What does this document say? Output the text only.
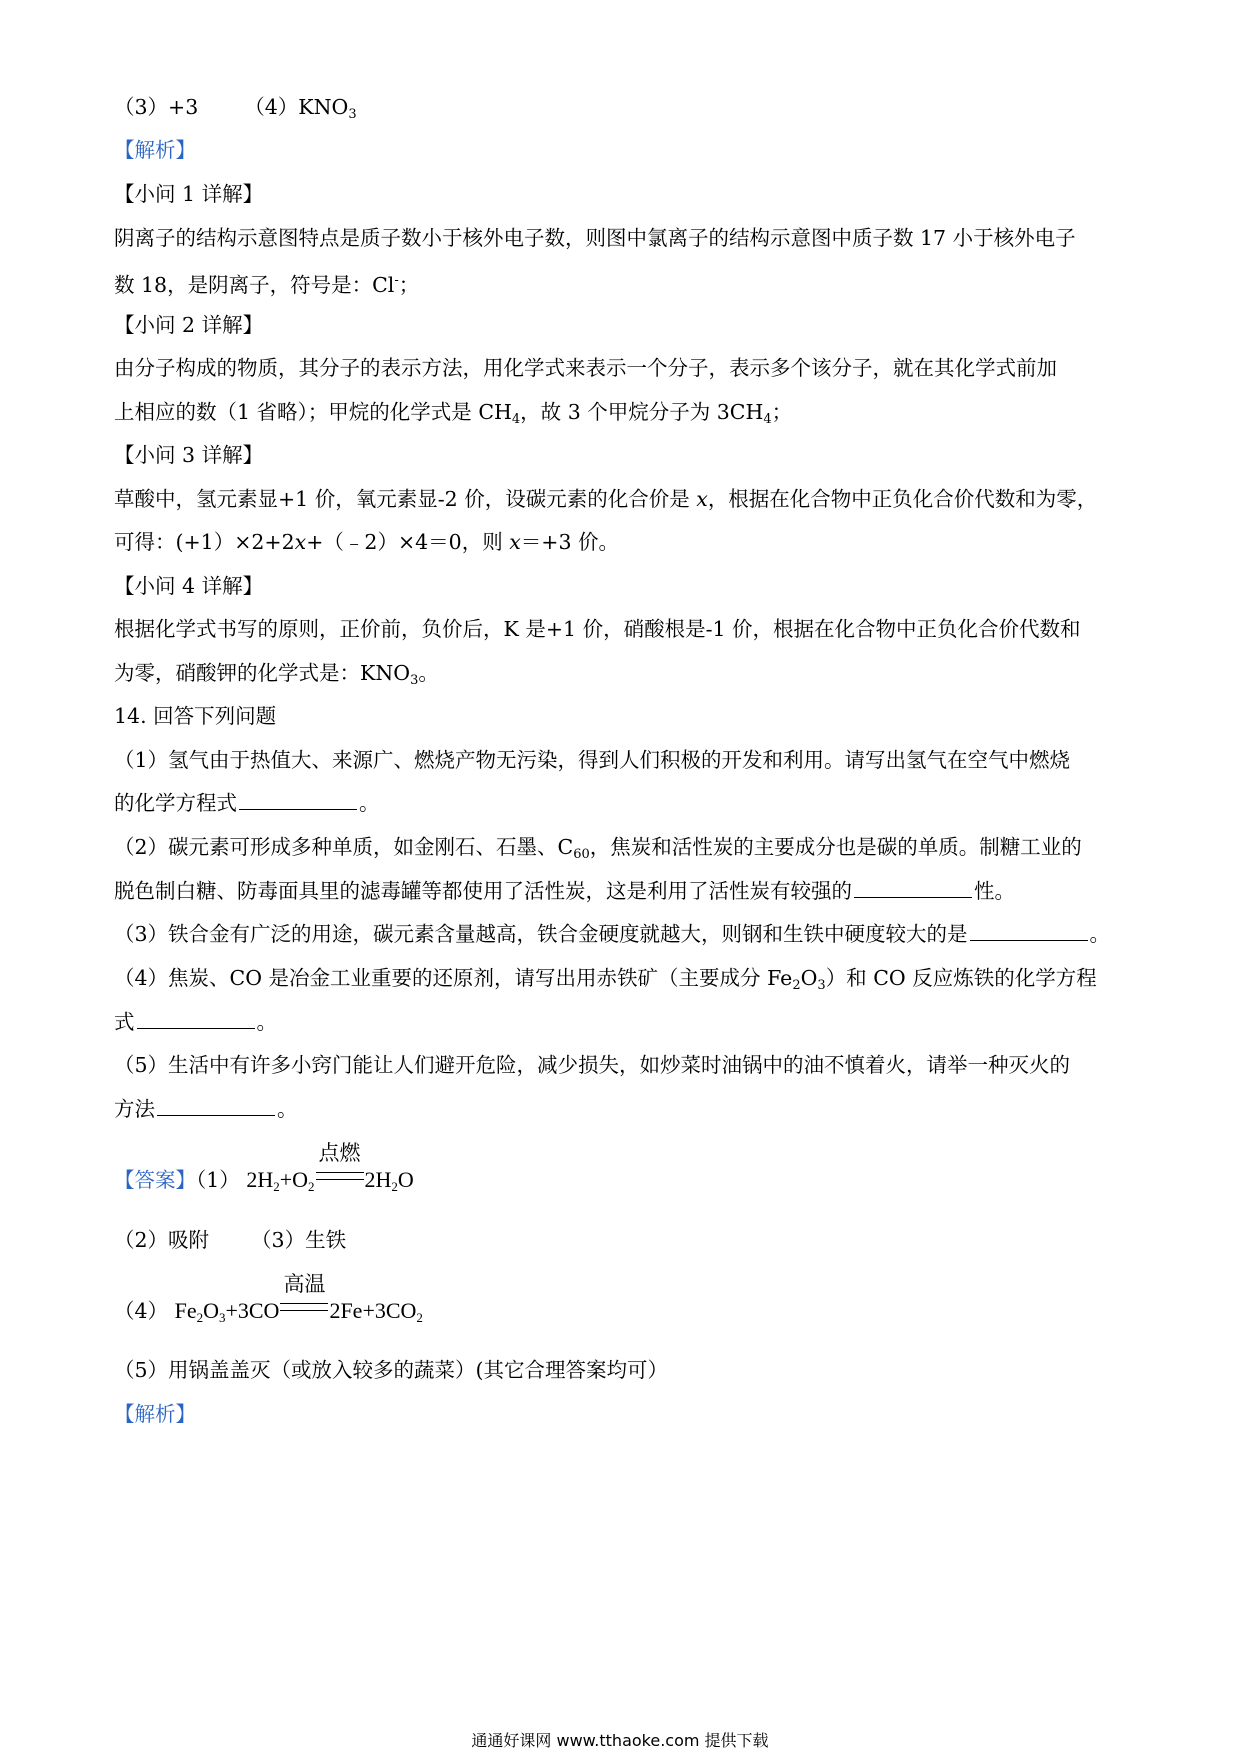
（3）+3 $(4)KNO_3$
【解析】
【小问 1 详解】
阴离子的结构示意图特点是质子数小于核外电子数，则图中氯离子的结构示意图中质子数 17 小于核外电子
数 18，是阴离子，符号是：Cl-；
【小问 2 详解】
由分子构成的物质，其分子的表示方法，用化学式来表示一个分子，表示多个该分子，就在其化学式前加
上相应的数（1 省略）；甲烷的化学式是 $CH_4$，故 3 个甲烷分子为 $3CH_4$；
【小问 3 详解】
草酸中，氢元素显+1 价，氧元素显-2 价，设碳元素的化合价是 x，根据在化合物中正负化合价代数和为零，
可得：(+1）×2+2x+（﹣2）×4＝0，则 x＝+3 价。
【小问 4 详解】
根据化学式书写的原则，正价前，负价后，K 是+1 价，硝酸根是-1 价，根据在化合物中正负化合价代数和
为零，硝酸钾的化学式是：$KNO_3$。
14. 回答下列问题
（1）氢气由于热值大、来源广、燃烧产物无污染，得到人们积极的开发和利用。请写出氢气在空气中燃烧
的化学方程式	。
（2）碳元素可形成多种单质，如金刚石、石墨、$C_{60}$，焦炭和活性炭的主要成分也是碳的单质。制糖工业的
脱色制白糖、防毒面具里的滤毒罐等都使用了活性炭，这是利用了活性炭有较强的	性。
（3）铁合金有广泛的用途，碳元素含量越高，铁合金硬度就越大，则钢和生铁中硬度较大的是	。
（4）焦炭、CO 是冶金工业重要的还原剂，请写出用赤铁矿（主要成分 $Fe_2O_3$）和 CO 反应炼铁的化学方程
式	。
（5）生活中有许多小窍门能让人们避开危险，减少损失，如炒菜时油锅中的油不慎着火，请举一种灭火的
方法	。
【答案】（1） $2H_2+O_2$
点燃
$2H_2O$
（2）吸附 （3）生铁
（4） $Fe_2O_3+3CO$
高温
$2Fe+3CO_2$
（5）用锅盖盖灭（或放入较多的蔬菜）(其它合理答案均可）
【解析】
通通好课网 www.tthaoke.com 提供下载
